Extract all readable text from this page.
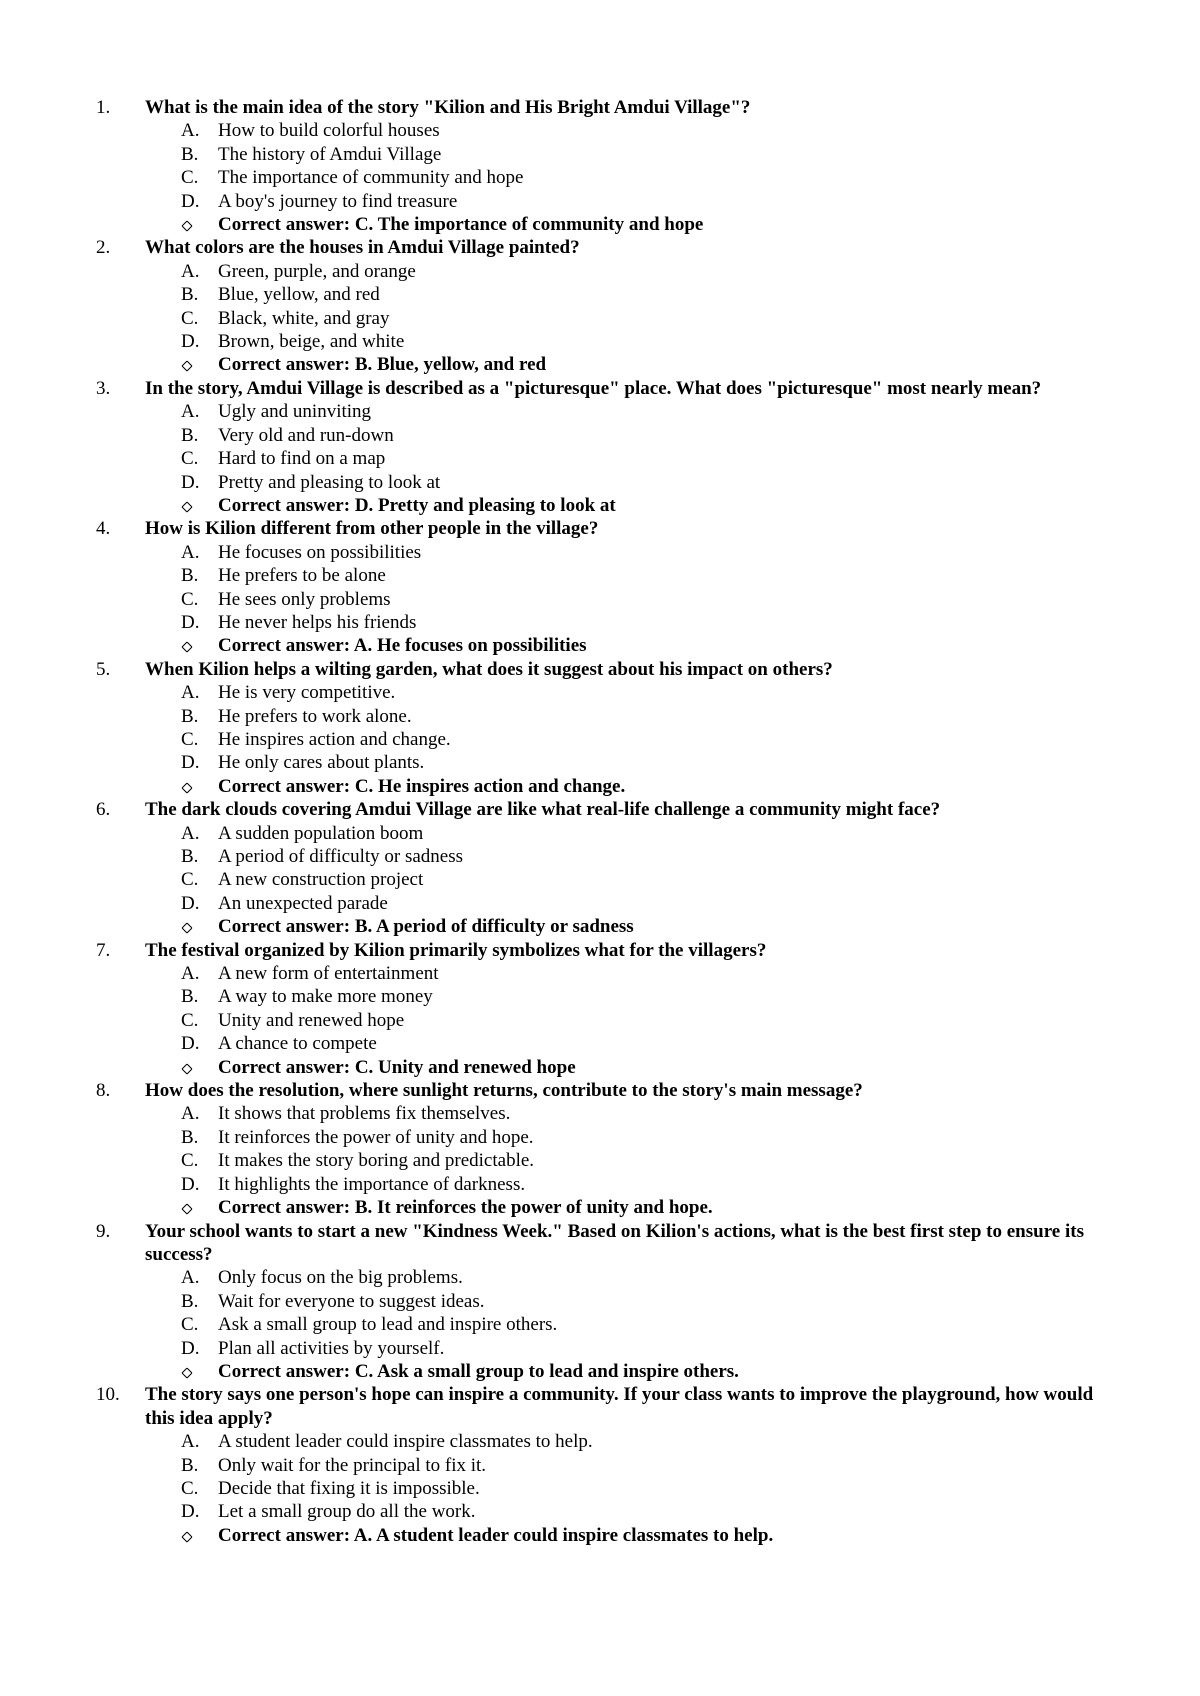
1.	What is the main idea of the story "Kilion and His Bright Amdui Village"?
A. How to build colorful houses
B. The history of Amdui Village
C. The importance of community and hope
D. A boy's journey to find treasure
Correct answer: C. The importance of community and hope
2.	What colors are the houses in Amdui Village painted?
A. Green, purple, and orange
B. Blue, yellow, and red
C. Black, white, and gray
D. Brown, beige, and white
Correct answer: B. Blue, yellow, and red
3.	In the story, Amdui Village is described as a "picturesque" place. What does "picturesque" most nearly mean?
A. Ugly and uninviting
B. Very old and run-down
C. Hard to find on a map
D. Pretty and pleasing to look at
Correct answer: D. Pretty and pleasing to look at
4.	How is Kilion different from other people in the village?
A. He focuses on possibilities
B. He prefers to be alone
C. He sees only problems
D. He never helps his friends
Correct answer: A. He focuses on possibilities
5.	When Kilion helps a wilting garden, what does it suggest about his impact on others?
A. He is very competitive.
B. He prefers to work alone.
C. He inspires action and change.
D. He only cares about plants.
Correct answer: C. He inspires action and change.
6.	The dark clouds covering Amdui Village are like what real-life challenge a community might face?
A. A sudden population boom
B. A period of difficulty or sadness
C. A new construction project
D. An unexpected parade
Correct answer: B. A period of difficulty or sadness
7.	The festival organized by Kilion primarily symbolizes what for the villagers?
A. A new form of entertainment
B. A way to make more money
C. Unity and renewed hope
D. A chance to compete
Correct answer: C. Unity and renewed hope
8.	How does the resolution, where sunlight returns, contribute to the story's main message?
A. It shows that problems fix themselves.
B. It reinforces the power of unity and hope.
C. It makes the story boring and predictable.
D. It highlights the importance of darkness.
Correct answer: B. It reinforces the power of unity and hope.
9.	Your school wants to start a new "Kindness Week." Based on Kilion's actions, what is the best first step to ensure its success?
A. Only focus on the big problems.
B. Wait for everyone to suggest ideas.
C. Ask a small group to lead and inspire others.
D. Plan all activities by yourself.
Correct answer: C. Ask a small group to lead and inspire others.
10.	The story says one person's hope can inspire a community. If your class wants to improve the playground, how would this idea apply?
A. A student leader could inspire classmates to help.
B. Only wait for the principal to fix it.
C. Decide that fixing it is impossible.
D. Let a small group do all the work.
Correct answer: A. A student leader could inspire classmates to help.
